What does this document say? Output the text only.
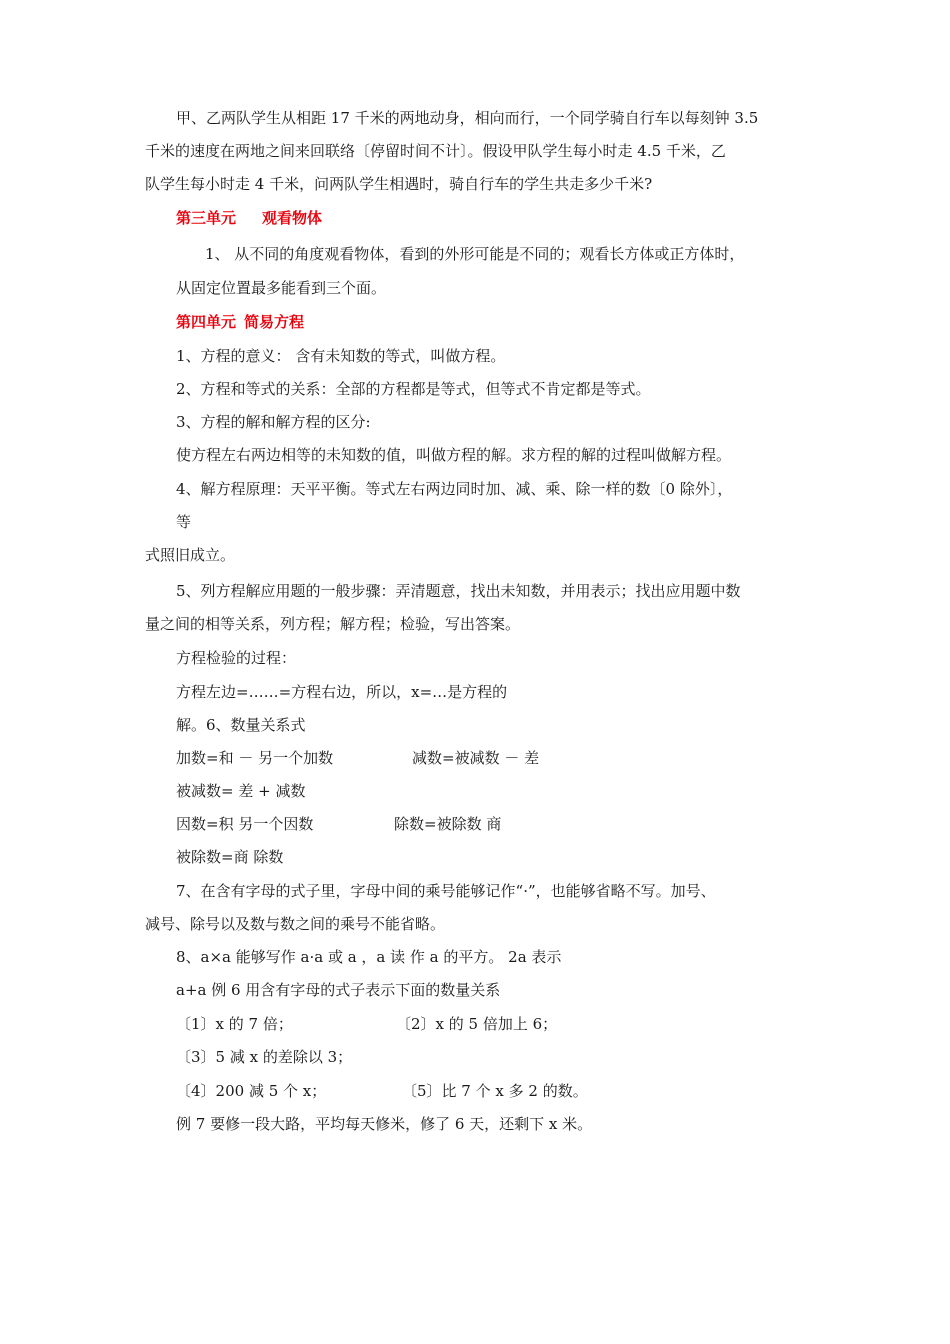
甲、乙两队学生从相距 17 千米的两地动身，相向而行，一个同学骑自行车以每刻钟 3.5
千米的速度在两地之间来回联络〔停留时间不计〕。假设甲队学生每小时走 4.5 千米，乙
队学生每小时走 4 千米，问两队学生相遇时，骑自行车的学生共走多少千米?
第三单元 观看物体
1、 从不同的角度观看物体，看到的外形可能是不同的；观看长方体或正方体时，
从固定位置最多能看到三个面。
第四单元 简易方程
1、方程的意义： 含有未知数的等式，叫做方程。
2、方程和等式的关系：全部的方程都是等式，但等式不肯定都是等式。
3、方程的解和解方程的区分:
使方程左右两边相等的未知数的值，叫做方程的解。求方程的解的过程叫做解方程。
4、解方程原理：天平平衡。等式左右两边同时加、减、乘、除一样的数〔0 除外〕，
等
式照旧成立。
5、列方程解应用题的一般步骤：弄清题意，找出未知数，并用表示；找出应用题中数
量之间的相等关系，列方程；解方程；检验，写出答案。
方程检验的过程：
方程左边=……=方程右边，所以，x=…是方程的
解。6、数量关系式
加数=和 － 另一个加数	减数=被减数 － 差
被减数= 差 + 减数
因数=积 另一个因数	除数=被除数 商
被除数=商 除数
7、在含有字母的式子里，字母中间的乘号能够记作“·”，也能够省略不写。加号、
减号、除号以及数与数之间的乘号不能省略。
8、a×a 能够写作 a·a 或 a ，a 读 作 a 的平方。 2a 表示
a+a 例 6 用含有字母的式子表示下面的数量关系
〔1〕x 的 7 倍；	〔2〕x 的 5 倍加上 6；
〔3〕5 减 x 的差除以 3；
〔4〕200 减 5 个 x；	〔5〕比 7 个 x 多 2 的数。
例 7 要修一段大路，平均每天修米，修了 6 天，还剩下 x 米。
